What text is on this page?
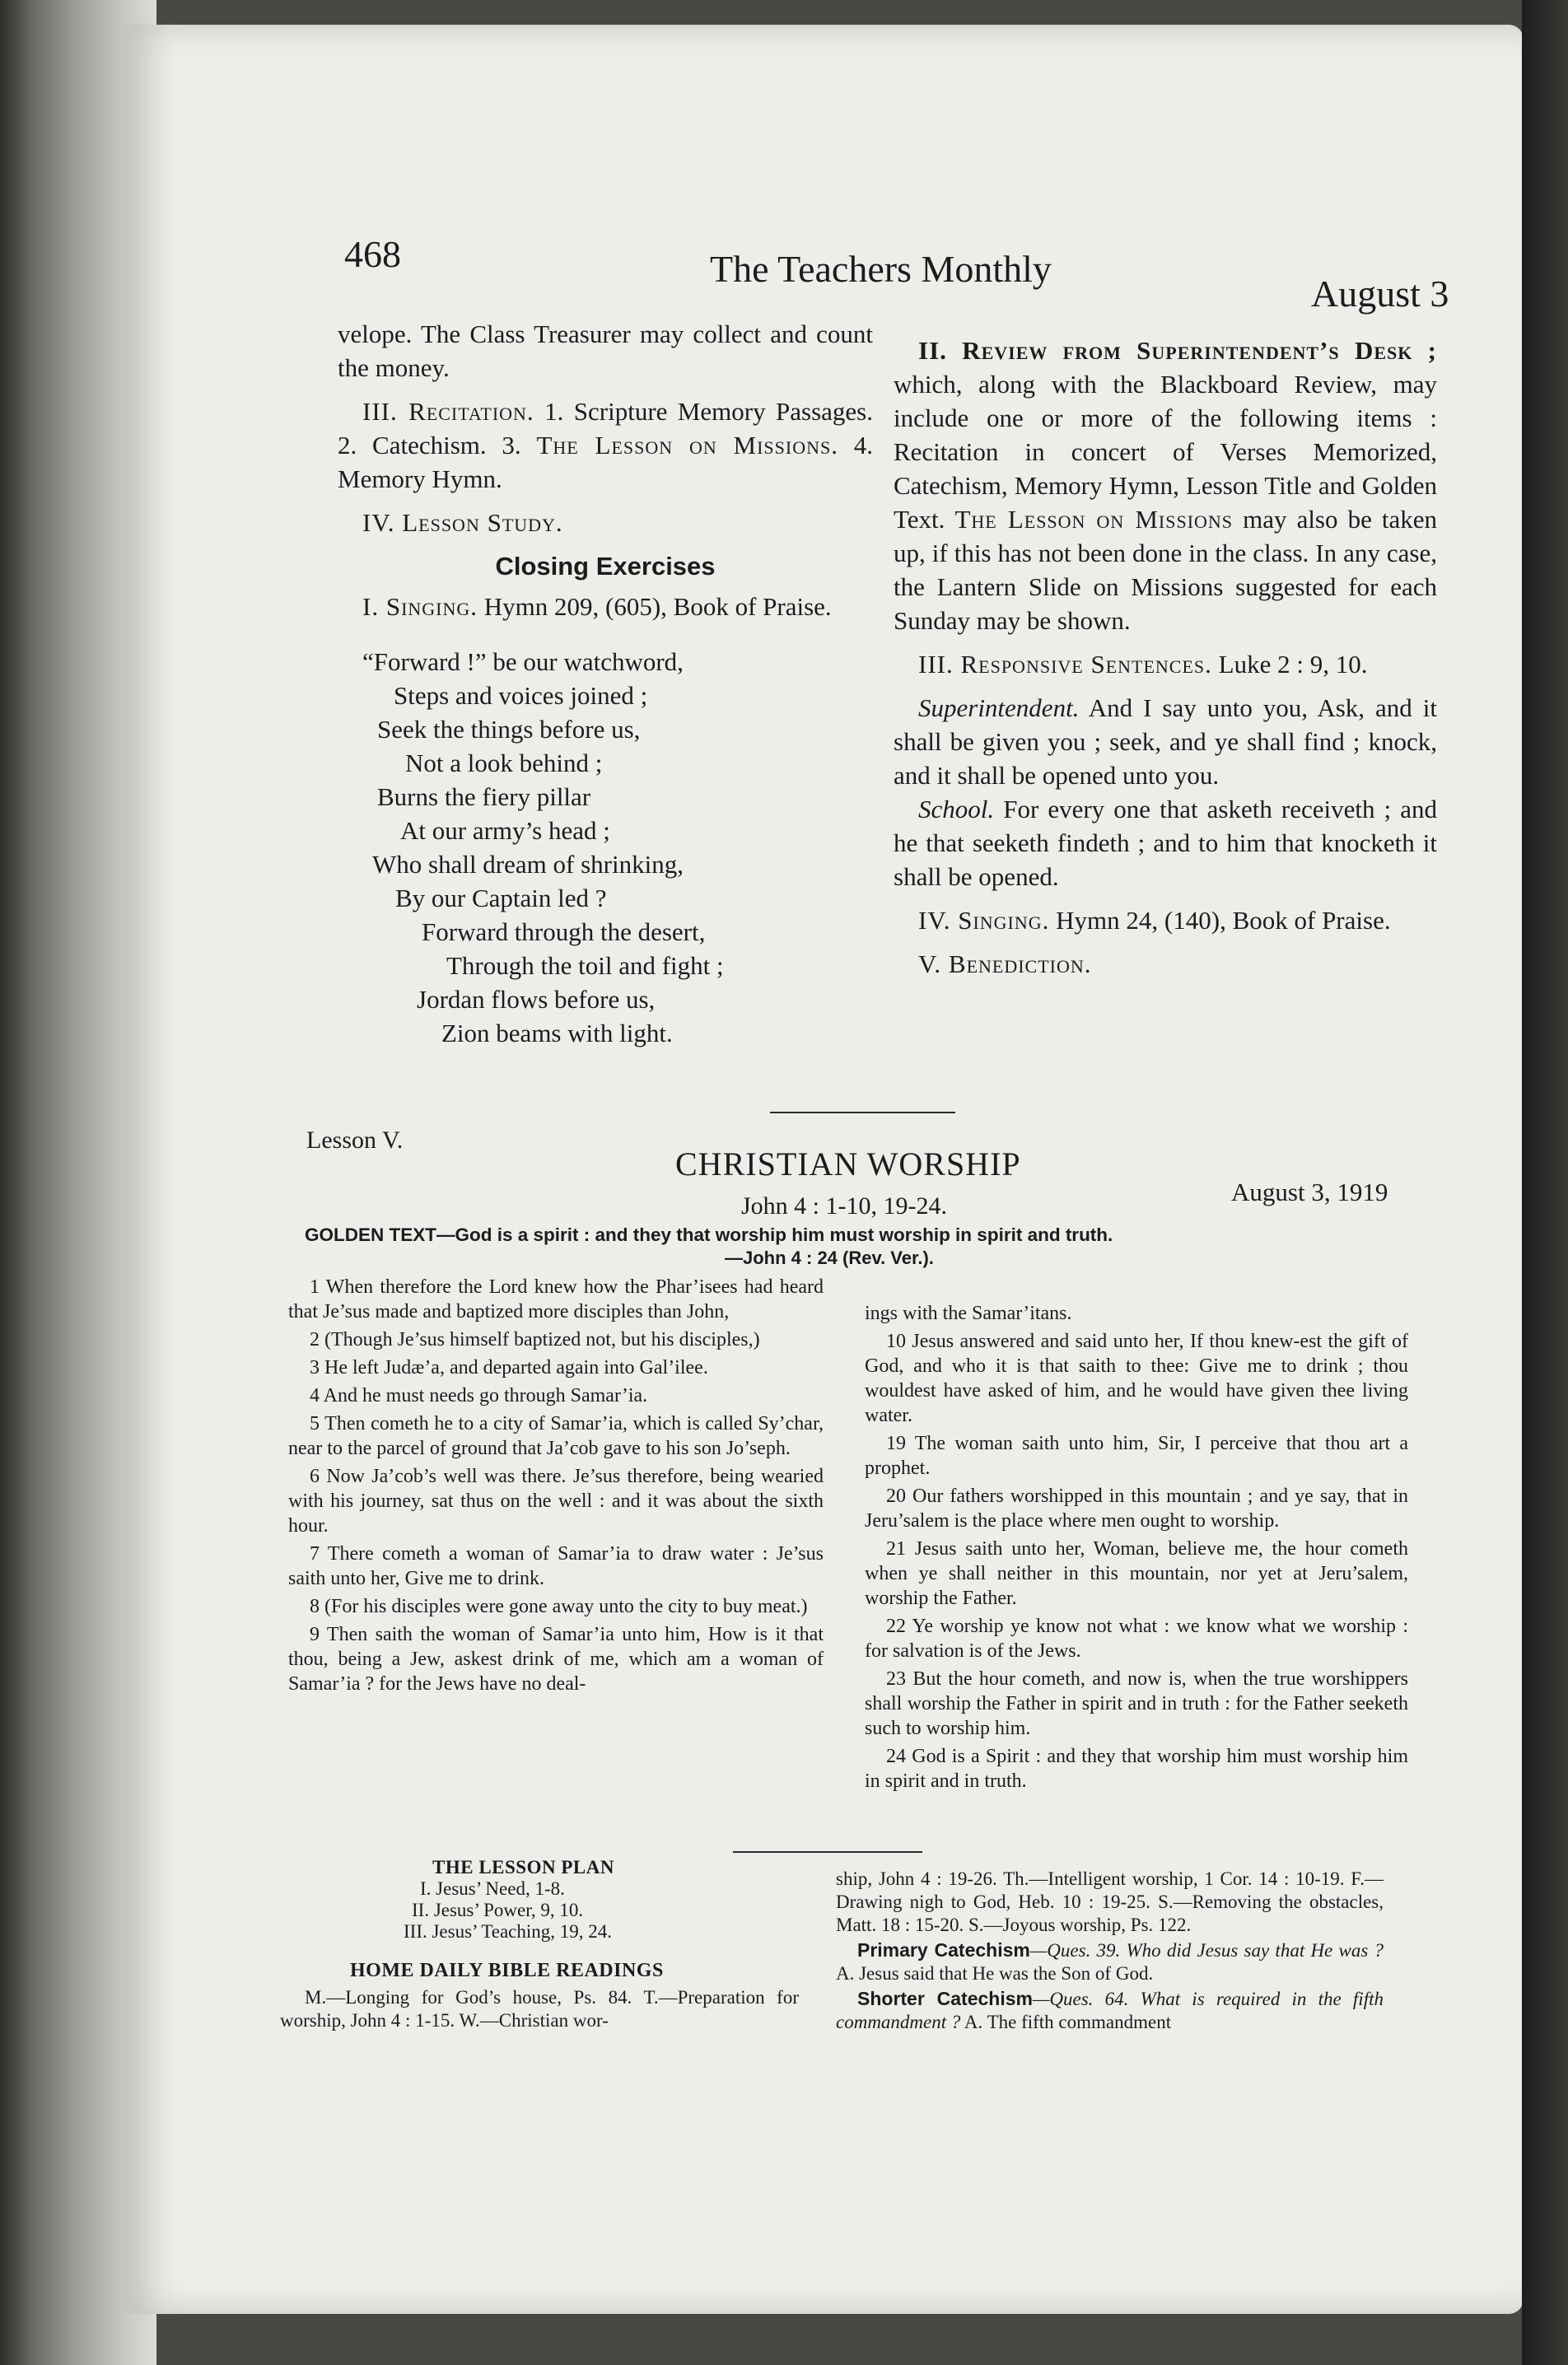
468	The Teachers Monthly
August 3

velope. The Class Treasurer may collect and count the money.

III. Recitation. 1. Scripture Memory Passages. 2. Catechism. 3. The Lesson on Missions. 4. Memory Hymn.

IV. Lesson Study.

Closing Exercises

I. Singing. Hymn 209, (605), Book of Praise.

“Forward !” be our watchword,
Steps and voices joined ;
Seek the things before us,
Not a look behind ;
Burns the fiery pillar
At our army’s head ;
Who shall dream of shrinking,
By our Captain led ?
Forward through the desert,
Through the toil and fight ;
Jordan flows before us,
Zion beams with light.

II. Review from Superintendent’s Desk ; which, along with the Blackboard Review, may include one or more of the following items : Recitation in concert of Verses Memorized, Catechism, Memory Hymn, Lesson Title and Golden Text. The Lesson on Missions may also be taken up, if this has not been done in the class. In any case, the Lantern Slide on Missions suggested for each Sunday may be shown.

III. Responsive Sentences. Luke 2 : 9, 10.

Superintendent. And I say unto you, Ask, and it shall be given you ; seek, and ye shall find ; knock, and it shall be opened unto you.

School. For every one that asketh receiveth ; and he that seeketh findeth ; and to him that knocketh it shall be opened.

IV. Singing. Hymn 24, (140), Book of Praise.

V. Benediction.

Lesson V.
CHRISTIAN WORSHIP
August 3, 1919
John 4 : 1-10, 19-24.
GOLDEN TEXT—God is a spirit : and they that worship him must worship in spirit and truth.
—John 4 : 24 (Rev. Ver.).

1 When therefore the Lord knew how the Phar’isees had heard that Je’sus made and baptized more disciples than John,

2 (Though Je’sus himself baptized not, but his disciples,)

3 He left Judæ’a, and departed again into Gal’ilee.

4 And he must needs go through Samar’ia.

5 Then cometh he to a city of Samar’ia, which is called Sy’char, near to the parcel of ground that Ja’cob gave to his son Jo’seph.

6 Now Ja’cob’s well was there. Je’sus therefore, being wearied with his journey, sat thus on the well : and it was about the sixth hour.

7 There cometh a woman of Samar’ia to draw water : Je’sus saith unto her, Give me to drink.

8 (For his disciples were gone away unto the city to buy meat.)

9 Then saith the woman of Samar’ia unto him, How is it that thou, being a Jew, askest drink of me, which am a woman of Samar’ia ? for the Jews have no deal-

ings with the Samar’itans.

10 Jesus answered and said unto her, If thou knew-est the gift of God, and who it is that saith to thee: Give me to drink ; thou wouldest have asked of him, and he would have given thee living water.

19 The woman saith unto him, Sir, I perceive that thou art a prophet.

20 Our fathers worshipped in this mountain ; and ye say, that in Jeru’salem is the place where men ought to worship.

21 Jesus saith unto her, Woman, believe me, the hour cometh when ye shall neither in this mountain, nor yet at Jeru’salem, worship the Father.

22 Ye worship ye know not what : we know what we worship : for salvation is of the Jews.

23 But the hour cometh, and now is, when the true worshippers shall worship the Father in spirit and in truth : for the Father seeketh such to worship him.

24 God is a Spirit : and they that worship him must worship him in spirit and in truth.

THE LESSON PLAN
I. Jesus’ Need, 1-8.
II. Jesus’ Power, 9, 10.
III. Jesus’ Teaching, 19, 24.
HOME DAILY BIBLE READINGS
M.—Longing for God’s house, Ps. 84. T.—Preparation for worship, John 4 : 1-15. W.—Christian wor-

ship, John 4 : 19-26. Th.—Intelligent worship, 1 Cor. 14 : 10-19. F.—Drawing nigh to God, Heb. 10 : 19-25. S.—Removing the obstacles, Matt. 18 : 15-20. S.—Joyous worship, Ps. 122.

Primary Catechism—Ques. 39. Who did Jesus say that He was ? A. Jesus said that He was the Son of God.

Shorter Catechism—Ques. 64. What is required in the fifth commandment ? A. The fifth commandment
